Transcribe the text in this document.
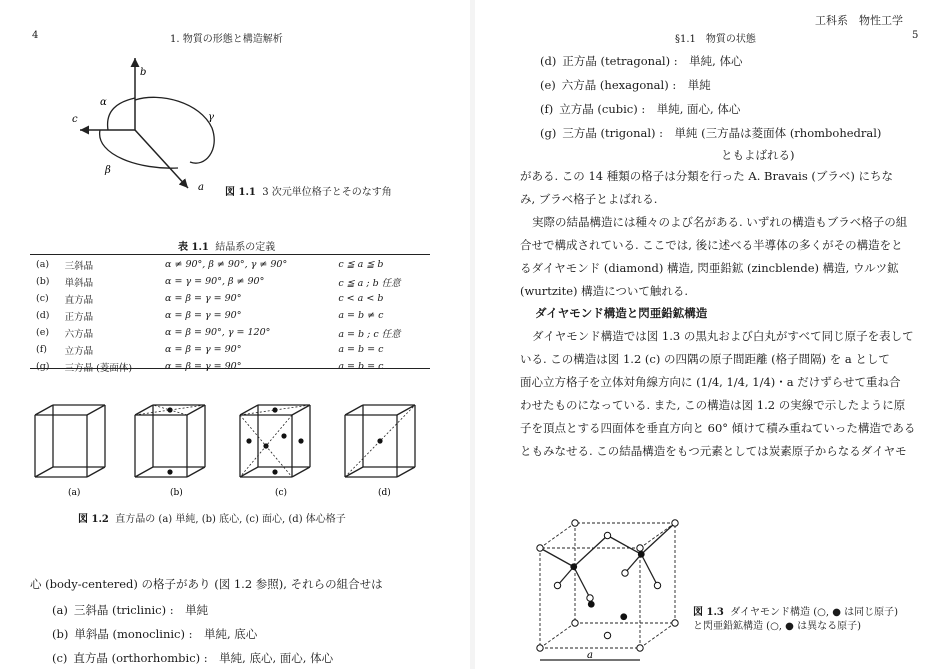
4	1. 物質の形態と構造解析
b
c
a
α
β
γ
図 1.1 3 次元単位格子とそのなす角
表 1.1 結晶系の定義
(a)	三斜晶	α ≠ 90°, β ≠ 90°, γ ≠ 90°	c ≦ a ≦ b
(b)	単斜晶	α = γ = 90°, β ≠ 90°	c ≦ a ; b 任意
(c)	直方晶	α = β = γ = 90°	c < a < b
(d)	正方晶	α = β = γ = 90°	a = b ≠ c
(e)	六方晶	α = β = 90°, γ = 120°	a = b ; c 任意
(f)	立方晶	α = β = γ = 90°	a = b = c
(g)	三方晶 (菱面体)	α = β = γ = 90°	a = b = c
(a)	(b)	(c)	(d)
図 1.2 直方晶の (a) 単純, (b) 底心, (c) 面心, (d) 体心格子
心 (body-centered) の格子があり (図 1.2 参照), それらの組合せは
(a) 三斜晶 (triclinic) :　単純
(b) 単斜晶 (monoclinic) :　単純, 底心
(c) 直方晶 (orthorhombic) :　単純, 底心, 面心, 体心
§1.1　物質の状態	5
工科系　物性工学
(d) 正方晶 (tetragonal) :　単純, 体心
(e) 六方晶 (hexagonal) :　単純
(f) 立方晶 (cubic) :　単純, 面心, 体心
(g) 三方晶 (trigonal) :　単純 (三方晶は菱面体 (rhombohedral)
ともよばれる)
がある. この 14 種類の格子は分類を行った A. Bravais (ブラベ) にちな
み, ブラベ格子とよばれる.
実際の結晶構造には種々のよび名がある. いずれの構造もブラベ格子の組
合せで構成されている. ここでは, 後に述べる半導体の多くがその構造をと
るダイヤモンド (diamond) 構造, 閃亜鉛鉱 (zincblende) 構造, ウルツ鉱
(wurtzite) 構造について触れる.
ダイヤモンド構造と閃亜鉛鉱構造
ダイヤモンド構造では図 1.3 の黒丸および白丸がすべて同じ原子を表して
いる. この構造は図 1.2 (c) の四隅の原子間距離 (格子間隔) を a として
面心立方格子を立体対角線方向に (1/4, 1/4, 1/4)・a だけずらせて重ね合
わせたものになっている. また, この構造は図 1.2 の実線で示したように原
子を頂点とする四面体を垂直方向と 60° 傾けて積み重ねていった構造である
ともみなせる. この結晶構造をもつ元素としては炭素原子からなるダイヤモ
a
図 1.3 ダイヤモンド構造 (○, ● は同じ原子)
と閃亜鉛鉱構造 (○, ● は異なる原子)
